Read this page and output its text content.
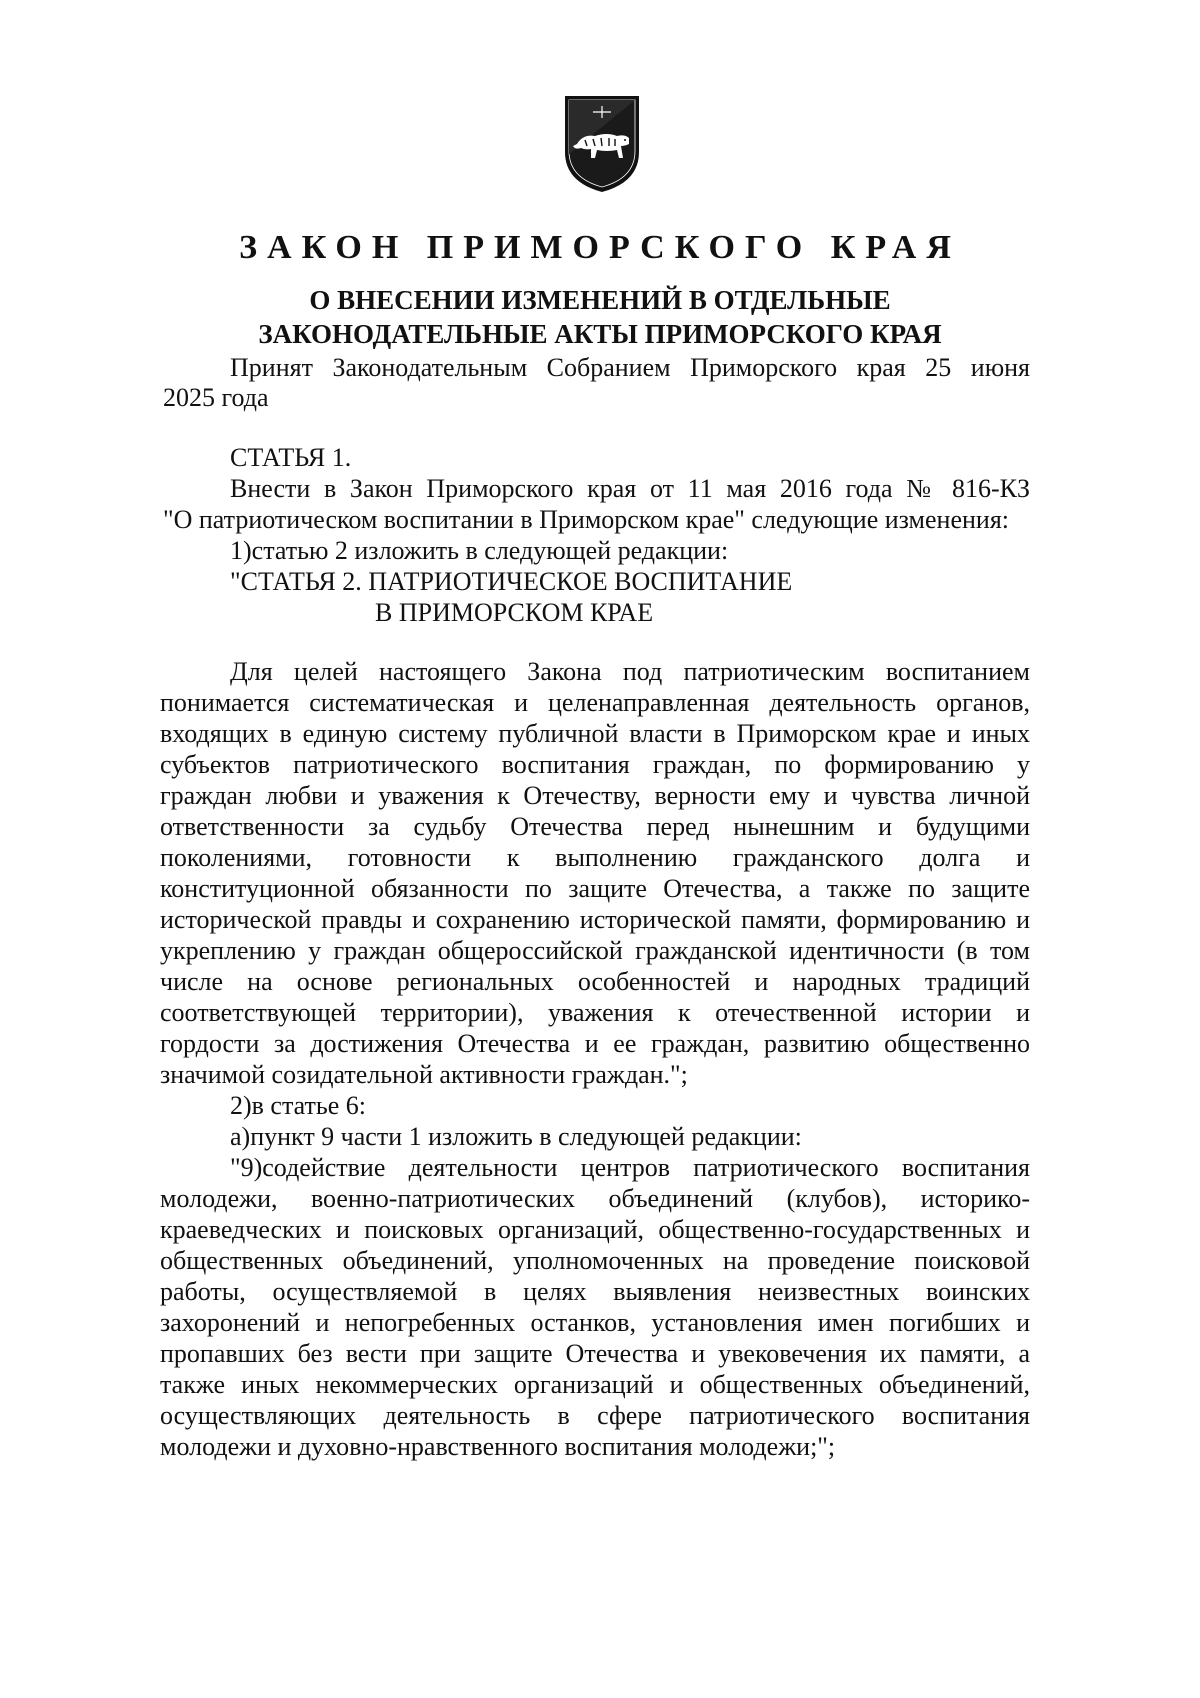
ЗАКОН ПРИМОРСКОГО КРАЯ
О ВНЕСЕНИИ ИЗМЕНЕНИЙ В ОТДЕЛЬНЫЕ
ЗАКОНОДАТЕЛЬНЫЕ АКТЫ ПРИМОРСКОГО КРАЯ
Принят Законодательным Собранием Приморского края 25 июня
2025 года
СТАТЬЯ 1.
Внести в Закон Приморского края от 11 мая 2016 года № 816-КЗ
"О патриотическом воспитании в Приморском крае" следующие изменения:
1)статью 2 изложить в следующей редакции:
"СТАТЬЯ 2. ПАТРИОТИЧЕСКОЕ ВОСПИТАНИЕ
В ПРИМОРСКОМ КРАЕ
Для целей настоящего Закона под патриотическим воспитанием
понимается систематическая и целенаправленная деятельность органов,
входящих в единую систему публичной власти в Приморском крае и иных
субъектов патриотического воспитания граждан, по формированию у
граждан любви и уважения к Отечеству, верности ему и чувства личной
ответственности за судьбу Отечества перед нынешним и будущими
поколениями, готовности к выполнению гражданского долга и
конституционной обязанности по защите Отечества, а также по защите
исторической правды и сохранению исторической памяти, формированию и
укреплению у граждан общероссийской гражданской идентичности (в том
числе на основе региональных особенностей и народных традиций
соответствующей территории), уважения к отечественной истории и
гордости за достижения Отечества и ее граждан, развитию общественно
значимой созидательной активности граждан.";
2)в статье 6:
а)пункт 9 части 1 изложить в следующей редакции:
"9)содействие деятельности центров патриотического воспитания
молодежи, военно-патриотических объединений (клубов), историко-
краеведческих и поисковых организаций, общественно-государственных и
общественных объединений, уполномоченных на проведение поисковой
работы, осуществляемой в целях выявления неизвестных воинских
захоронений и непогребенных останков, установления имен погибших и
пропавших без вести при защите Отечества и увековечения их памяти, а
также иных некоммерческих организаций и общественных объединений,
осуществляющих деятельность в сфере патриотического воспитания
молодежи и духовно-нравственного воспитания молодежи;";
